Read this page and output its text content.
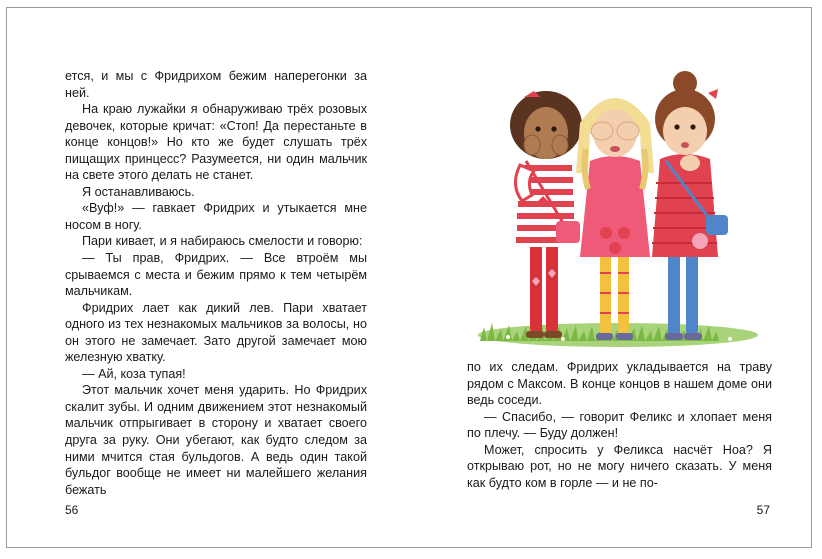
ется, и мы с Фридрихом бежим наперегонки за ней.

На краю лужайки я обнаруживаю трёх розовых девочек, которые кричат: «Стоп! Да перестаньте в конце концов!» Но кто же будет слушать трёх пищащих принцесс? Разумеется, ни один мальчик на свете этого делать не станет.

Я останавливаюсь.

«Вуф!» — гавкает Фридрих и утыкается мне носом в ногу.

Пари кивает, и я набираюсь смелости и говорю:

— Ты прав, Фридрих. — Все втроём мы срываемся с места и бежим прямо к тем четырём мальчикам.

Фридрих лает как дикий лев. Пари хватает одного из тех незнакомых мальчиков за волосы, но он этого не замечает. Зато другой замечает мою железную хватку.

— Ай, коза тупая!

Этот мальчик хочет меня ударить. Но Фридрих скалит зубы. И одним движением этот незнакомый мальчик отпрыгивает в сторону и хватает своего друга за руку. Они убегают, как будто следом за ними мчится стая бульдогов. А ведь один такой бульдог вообще не имеет ни малейшего желания бежать

56

по их следам. Фридрих укладывается на траву рядом с Максом. В конце концов в нашем доме они ведь соседи.

— Спасибо, — говорит Феликс и хлопает меня по плечу. — Буду должен!

Может, спросить у Феликса насчёт Ноа? Я открываю рот, но не могу ничего сказать. У меня как будто ком в горле — и не по-

57
